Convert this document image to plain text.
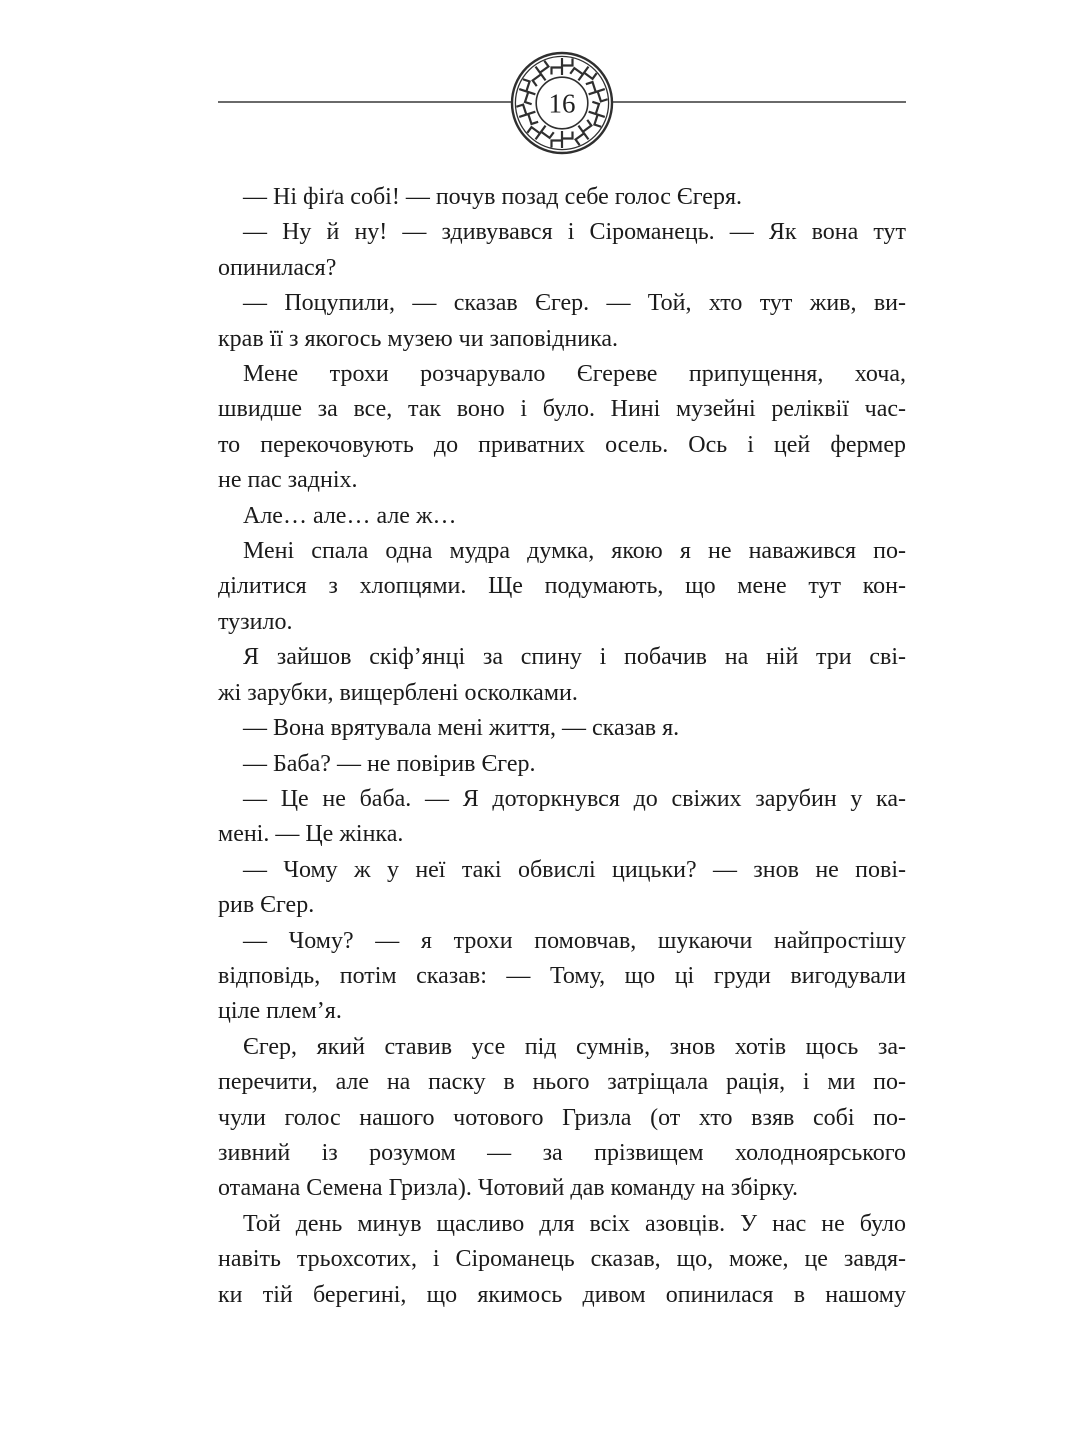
16
— Ні фіґа собі! — почув позад себе голос Єгеря.
— Ну й ну! — здивувався і Сіроманець. — Як вона тут
опинилася?
— Поцупили, — сказав Єгер. — Той, хто тут жив, ви-
крав її з якогось музею чи заповідника.
Мене трохи розчарувало Єгереве припущення, хоча,
швидше за все, так воно і було. Нині музейні реліквії час-
то перекочовують до приватних осель. Ось і цей фермер
не пас задніх.
Але… але… але ж…
Мені спала одна мудра думка, якою я не наважився по-
ділитися з хлопцями. Ще подумають, що мене тут кон-
тузило.
Я зайшов скіф’янці за спину і побачив на ній три сві-
жі зарубки, вищерблені осколками.
— Вона врятувала мені життя, — сказав я.
— Баба? — не повірив Єгер.
— Це не баба. — Я доторкнувся до свіжих зарубин у ка-
мені. — Це жінка.
— Чому ж у неї такі обвислі цицьки? — знов не пові-
рив Єгер.
— Чому? — я трохи помовчав, шукаючи найпростішу
відповідь, потім сказав: — Тому, що ці груди вигодували
ціле плем’я.
Єгер, який ставив усе під сумнів, знов хотів щось за-
перечити, але на паску в нього затріщала рація, і ми по-
чули голос нашого чотового Гризла (от хто взяв собі по-
зивний із розумом — за прізвищем холодноярського
отамана Семена Гризла). Чотовий дав команду на збірку.
Той день минув щасливо для всіх азовців. У нас не було
навіть трьохсотих, і Сіроманець сказав, що, може, це завдя-
ки тій берегині, що якимось дивом опинилася в нашому
